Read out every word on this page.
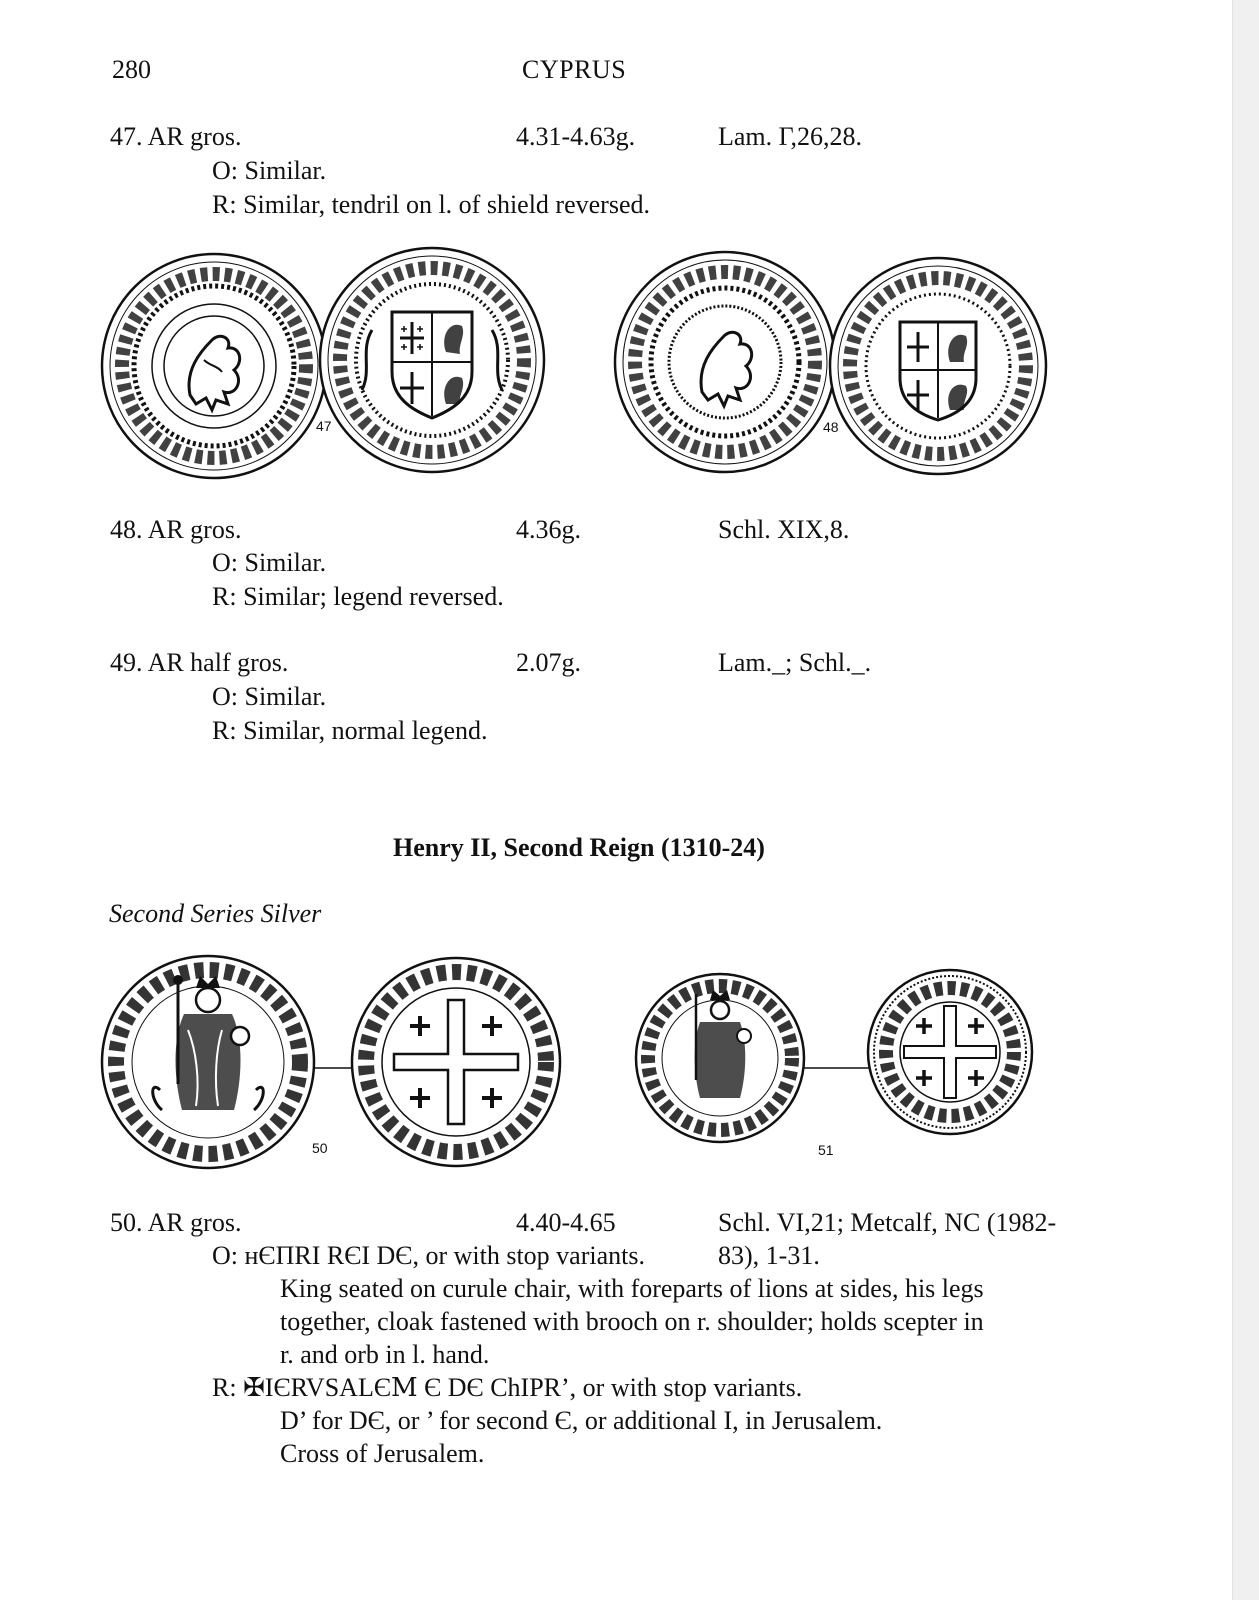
280	CYPRUS
47. AR gros.	4.31-4.63g.	Lam. Γ,26,28.
O: Similar.
R: Similar, tendril on l. of shield reversed.
47	48
48. AR gros.	4.36g.	Schl. XIX,8.
O: Similar.
R: Similar; legend reversed.
49. AR half gros.	2.07g.	Lam._; Schl._.
O: Similar.
R: Similar, normal legend.
Henry II, Second Reign (1310-24)
Second Series Silver
50	51
50. AR gros.	4.40-4.65	Schl. VI,21; Metcalf, NC (1982-
O: ʜЄΠRI RЄI DЄ, or with stop variants.	83), 1-31.
King seated on curule chair, with foreparts of lions at sides, his legs
together, cloak fastened with brooch on r. shoulder; holds scepter in
r. and orb in l. hand.
R: ✠IЄRVSALЄⅯ Є DЄ ChIPR’, or with stop variants.
D’ for DЄ, or ’ for second Є, or additional I, in Jerusalem.
Cross of Jerusalem.
